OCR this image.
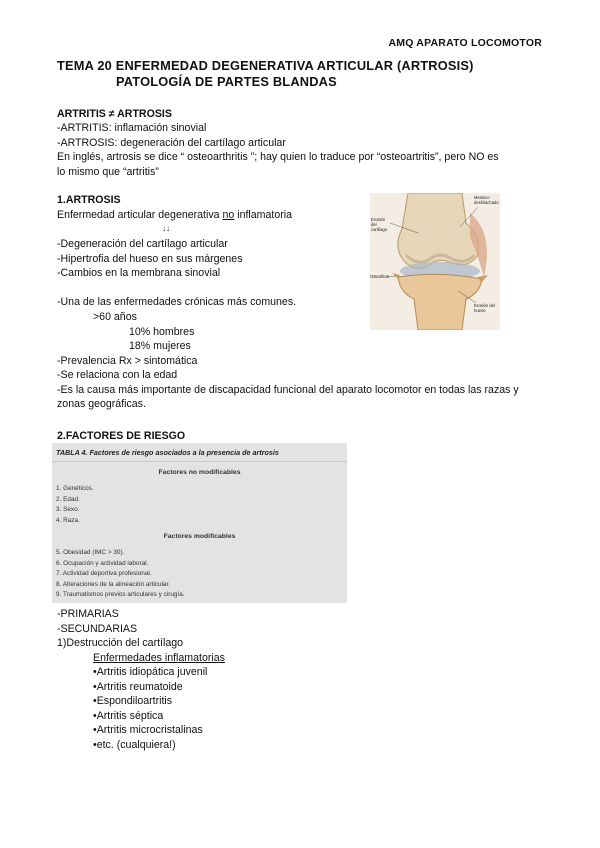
AMQ APARATO LOCOMOTOR
TEMA 20 ENFERMEDAD DEGENERATIVA ARTICULAR (ARTROSIS)
PATOLOGÍA DE PARTES BLANDAS
ARTRITIS ≠ ARTROSIS
-ARTRITIS: inflamación sinovial
-ARTROSIS: degeneración del cartílago articular
En inglés, artrosis se dice “ osteoarthritis ”; hay quien lo traduce por “osteoartritis”, pero NO es
lo mismo que “artritis”
1.ARTROSIS
Enfermedad articular degenerativa no inflamatoria
↓↓
-Degeneración del cartílago articular
-Hipertrofia del hueso en sus márgenes
-Cambios en la membrana sinovial
-Una de las enfermedades crónicas más comunes.
>60 años
10% hombres
18% mujeres
-Prevalencia Rx > sintomática
-Se relaciona con la edad
-Es la causa más importante de discapacidad funcional del aparato locomotor en todas las razas y
zonas geográficas.
Erosión
del
cartílago
Menisco
deshilachado
Osteofitos
Erosión del
hueso
2.FACTORES DE RIESGO
TABLA 4. Factores de riesgo asociados a la presencia de artrosis
Factores no modificables
1. Genéticos.
2. Edad.
3. Sexo.
4. Raza.
Factores modificables
5. Obesidad (IMC > 30).
6. Ocupación y actividad laboral.
7. Actividad deportiva profesional.
8. Alteraciones de la alineación articular.
9. Traumatismos previos articulares y cirugía.
-PRIMARIAS
-SECUNDARIAS
1)Destrucción del cartílago
Enfermedades inflamatorias
•Artritis idiopática juvenil
•Artritis reumatoide
•Espondiloartritis
•Artritis séptica
•Artritis microcristalinas
•etc. (cualquiera!)
